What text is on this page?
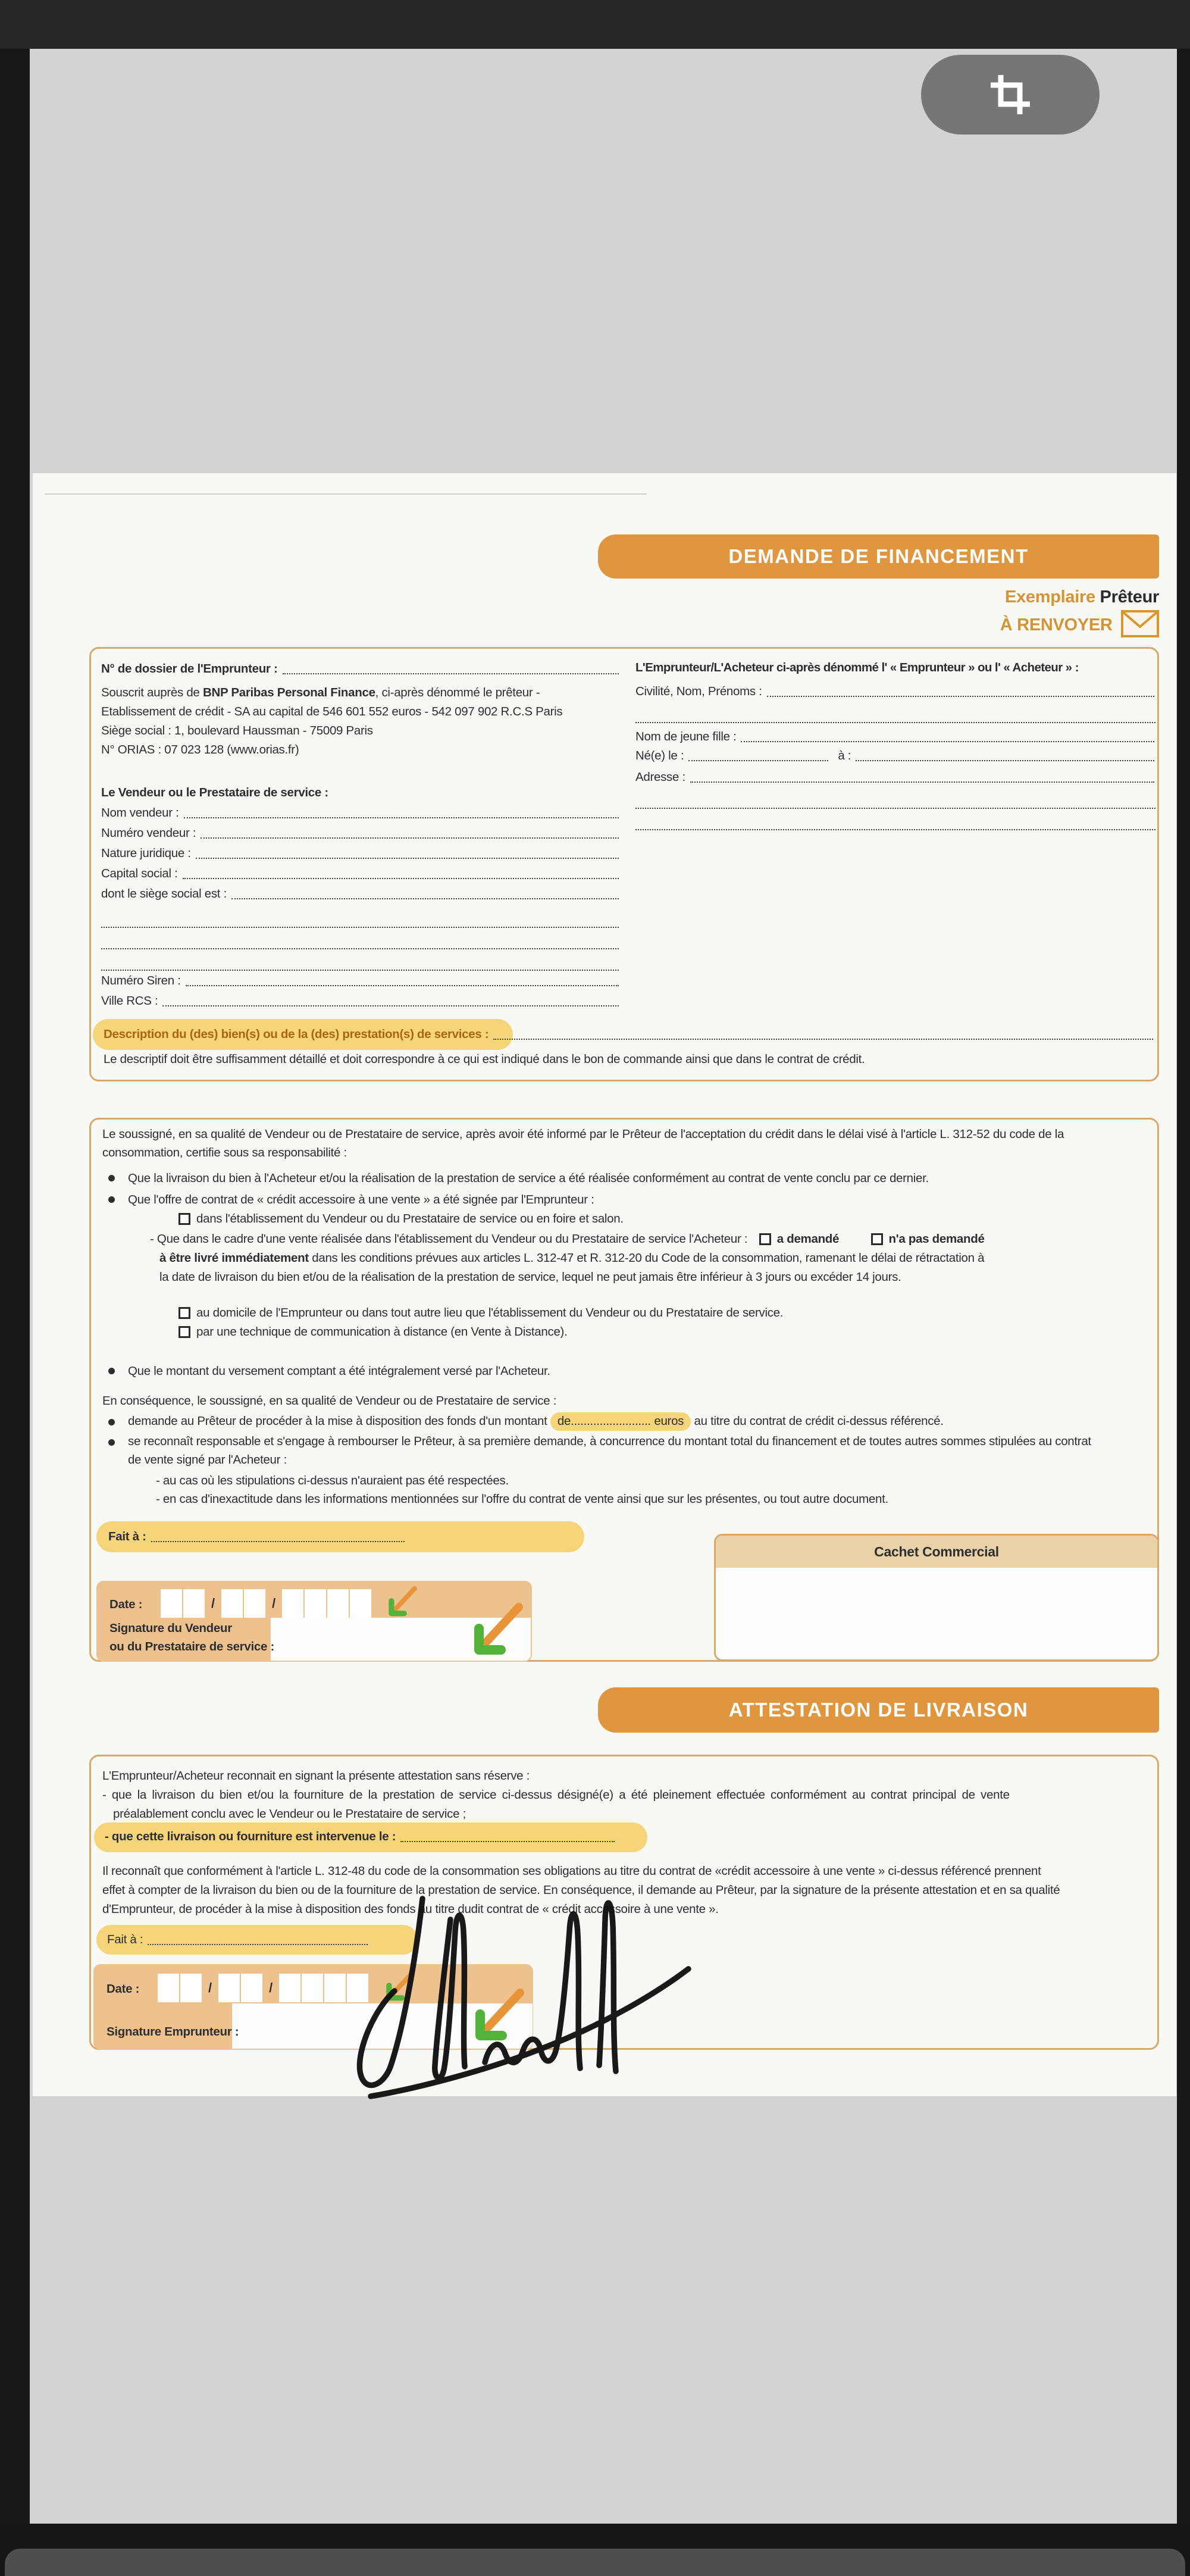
DEMANDE DE FINANCEMENT
Exemplaire Prêteur
À RENVOYER
N° de dossier de l'Emprunteur :
Souscrit auprès de BNP Paribas Personal Finance, ci-après dénommé le prêteur -
Etablissement de crédit - SA au capital de 546 601 552 euros - 542 097 902 R.C.S Paris
Siège social : 1, boulevard Haussman - 75009 Paris
N° ORIAS : 07 023 128 (www.orias.fr)
Le Vendeur ou le Prestataire de service :
Nom vendeur :
Numéro vendeur :
Nature juridique :
Capital social :
dont le siège social est :
Numéro Siren :
Ville RCS :
L'Emprunteur/L'Acheteur ci-après dénommé l' « Emprunteur » ou l' « Acheteur » :
Civilité, Nom, Prénoms :
Nom de jeune fille :
Né(e) le :	à :
Adresse :
Description du (des) bien(s) ou de la (des) prestation(s) de services :
Le descriptif doit être suffisamment détaillé et doit correspondre à ce qui est indiqué dans le bon de commande ainsi que dans le contrat de crédit.
Le soussigné, en sa qualité de Vendeur ou de Prestataire de service, après avoir été informé par le Prêteur de l'acceptation du crédit dans le délai visé à l'article L. 312-52 du code de la
consommation, certifie sous sa responsabilité :
Que la livraison du bien à l'Acheteur et/ou la réalisation de la prestation de service a été réalisée conformément au contrat de vente conclu par ce dernier.
Que l'offre de contrat de « crédit accessoire à une vente » a été signée par l'Emprunteur :
dans l'établissement du Vendeur ou du Prestataire de service ou en foire et salon.
- Que dans le cadre d'une vente réalisée dans l'établissement du Vendeur ou du Prestataire de service l'Acheteur : a demandé	n'a pas demandé
à être livré immédiatement dans les conditions prévues aux articles L. 312-47 et R. 312-20 du Code de la consommation, ramenant le délai de rétractation à
la date de livraison du bien et/ou de la réalisation de la prestation de service, lequel ne peut jamais être inférieur à 3 jours ou excéder 14 jours.
au domicile de l'Emprunteur ou dans tout autre lieu que l'établissement du Vendeur ou du Prestataire de service.
par une technique de communication à distance (en Vente à Distance).
Que le montant du versement comptant a été intégralement versé par l'Acheteur.
En conséquence, le soussigné, en sa qualité de Vendeur ou de Prestataire de service :
demande au Prêteur de procéder à la mise à disposition des fonds d'un montant de......................... euros au titre du contrat de crédit ci-dessus référencé.
se reconnaît responsable et s'engage à rembourser le Prêteur, à sa première demande, à concurrence du montant total du financement et de toutes autres sommes stipulées au contrat
de vente signé par l'Acheteur :
- au cas où les stipulations ci-dessus n'auraient pas été respectées.
- en cas d'inexactitude dans les informations mentionnées sur l'offre du contrat de vente ainsi que sur les présentes, ou tout autre document.
Fait à :
Date :	/	/
Signature du Vendeur
ou du Prestataire de service :
Cachet Commercial
ATTESTATION DE LIVRAISON
L'Emprunteur/Acheteur reconnait en signant la présente attestation sans réserve :
- que la livraison du bien et/ou la fourniture de la prestation de service ci-dessus désigné(e) a été pleinement effectuée conformément au contrat principal de vente
préalablement conclu avec le Vendeur ou le Prestataire de service ;
- que cette livraison ou fourniture est intervenue le :
Il reconnaît que conformément à l'article L. 312-48 du code de la consommation ses obligations au titre du contrat de «crédit accessoire à une vente » ci-dessus référencé prennent
effet à compter de la livraison du bien ou de la fourniture de la prestation de service. En conséquence, il demande au Prêteur, par la signature de la présente attestation et en sa qualité
d'Emprunteur, de procéder à la mise à disposition des fonds au titre dudit contrat de « crédit accessoire à une vente ».
Fait à :
Date :	/	/
Signature Emprunteur :
